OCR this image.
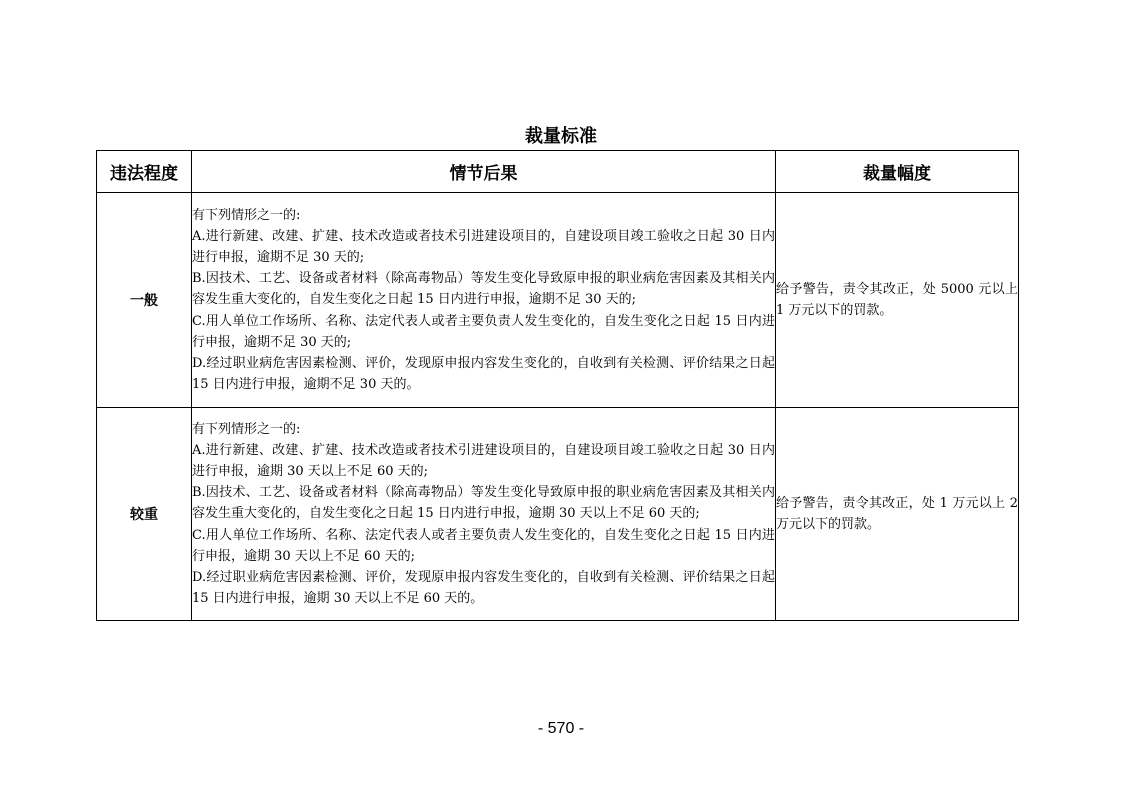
裁量标准
违法程度	情节后果	裁量幅度
一般	有下列情形之一的:
A.进行新建、改建、扩建、技术改造或者技术引进建设项目的，自建设项目竣工验收之日起 30 日内进行申报，逾期不足 30 天的;
B.因技术、工艺、设备或者材料（除高毒物品）等发生变化导致原申报的职业病危害因素及其相关内容发生重大变化的，自发生变化之日起 15 日内进行申报，逾期不足 30 天的;
C.用人单位工作场所、名称、法定代表人或者主要负责人发生变化的，自发生变化之日起 15 日内进行申报，逾期不足 30 天的;
D.经过职业病危害因素检测、评价，发现原申报内容发生变化的，自收到有关检测、评价结果之日起 15 日内进行申报，逾期不足 30 天的。	给予警告，责令其改正，处 5000 元以上 1 万元以下的罚款。
较重	有下列情形之一的:
A.进行新建、改建、扩建、技术改造或者技术引进建设项目的，自建设项目竣工验收之日起 30 日内进行申报，逾期 30 天以上不足 60 天的;
B.因技术、工艺、设备或者材料（除高毒物品）等发生变化导致原申报的职业病危害因素及其相关内容发生重大变化的，自发生变化之日起 15 日内进行申报，逾期 30 天以上不足 60 天的;
C.用人单位工作场所、名称、法定代表人或者主要负责人发生变化的，自发生变化之日起 15 日内进行申报，逾期 30 天以上不足 60 天的;
D.经过职业病危害因素检测、评价，发现原申报内容发生变化的，自收到有关检测、评价结果之日起 15 日内进行申报，逾期 30 天以上不足 60 天的。	给予警告，责令其改正，处 1 万元以上 2 万元以下的罚款。
- 570 -
